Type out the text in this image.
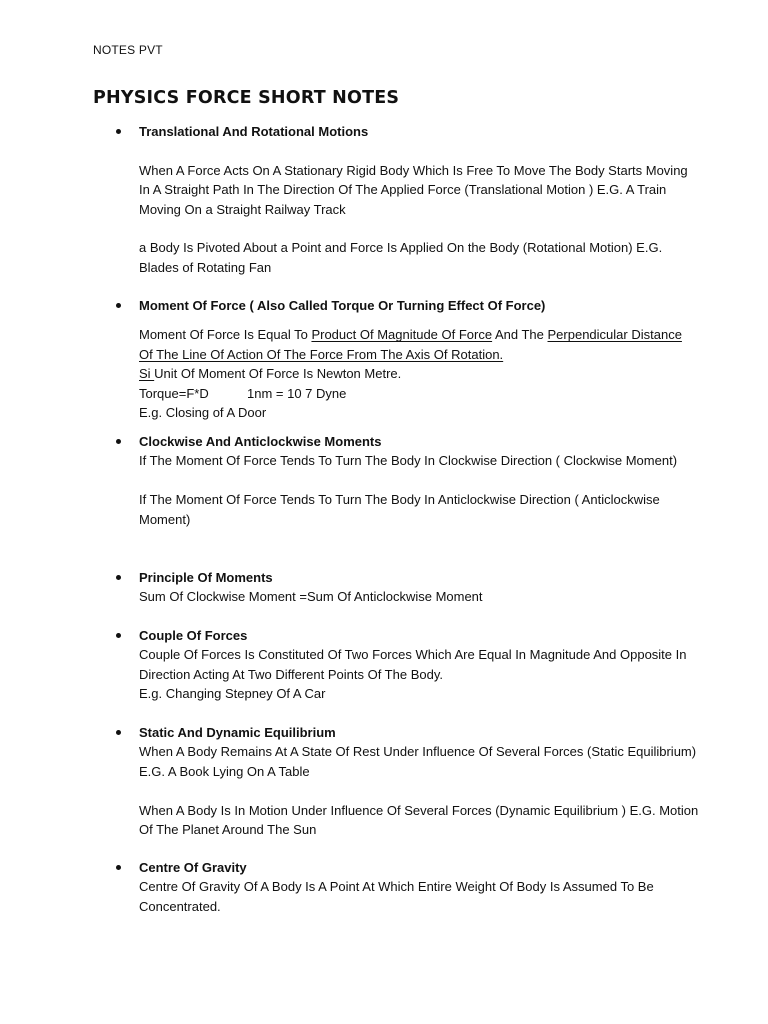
NOTES PVT
PHYSICS FORCE SHORT NOTES
Translational And Rotational Motions

When A Force Acts On A Stationary Rigid Body Which Is Free To Move The Body Starts Moving In A Straight Path In The Direction Of The Applied Force (Translational Motion ) E.G. A Train Moving On a Straight Railway Track

a Body Is Pivoted About a Point and Force Is Applied On the Body (Rotational Motion) E.G. Blades of Rotating Fan

Moment Of Force ( Also Called Torque Or Turning Effect Of Force)

Moment Of Force Is Equal To Product Of Magnitude Of Force And The Perpendicular Distance Of The Line Of Action Of The Force From The Axis Of Rotation.

Si Unit Of Moment Of Force Is Newton Metre.

Torque=F*D	1nm = 10 7 Dyne

E.g. Closing of A Door

Clockwise And Anticlockwise Moments

If The Moment Of Force Tends To Turn The Body In Clockwise Direction ( Clockwise Moment)

If The Moment Of Force Tends To Turn The Body In Anticlockwise Direction ( Anticlockwise Moment)

Principle Of Moments

Sum Of Clockwise Moment =Sum Of Anticlockwise Moment

Couple Of Forces

Couple Of Forces Is Constituted Of Two Forces Which Are Equal In Magnitude And Opposite In Direction Acting At Two Different Points Of The Body.

E.g. Changing Stepney Of A Car

Static And Dynamic Equilibrium

When A Body Remains At A State Of Rest Under Influence Of Several Forces (Static Equilibrium) E.G. A Book Lying On A Table

When A Body Is In Motion Under Influence Of Several Forces (Dynamic Equilibrium ) E.G. Motion Of The Planet Around The Sun

Centre Of Gravity

Centre Of Gravity Of A Body Is A Point At Which Entire Weight Of Body Is Assumed To Be Concentrated.
